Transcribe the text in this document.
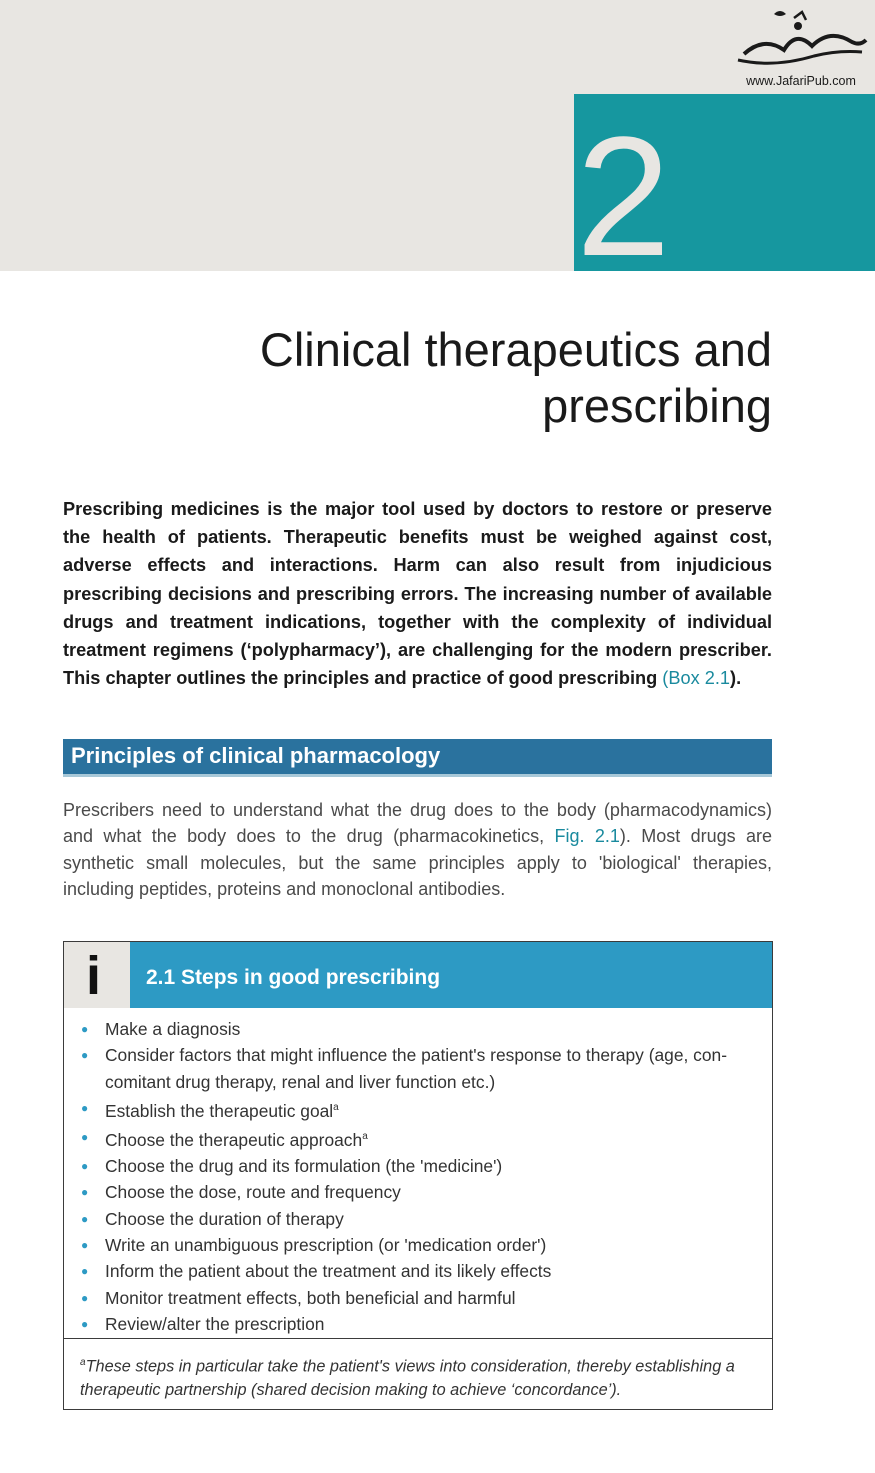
www.JafariPub.com
2
Clinical therapeutics and
prescribing
Prescribing medicines is the major tool used by doctors to restore or preserve the health of patients. Therapeutic benefits must be weighed against cost, adverse effects and interactions. Harm can also result from injudicious prescribing decisions and prescribing errors. The increasing number of available drugs and treatment indications, together with the complexity of individual treatment regimens (‘polypharmacy’), are challenging for the modern prescriber. This chapter outlines the principles and practice of good prescribing (Box 2.1).
Principles of clinical pharmacology
Prescribers need to understand what the drug does to the body (pharmacodynamics) and what the body does to the drug (pharmacokinetics, Fig. 2.1). Most drugs are synthetic small molecules, but the same principles apply to 'biological' therapies, including peptides, proteins and monoclonal antibodies.
i 2.1 Steps in good prescribing
● Make a diagnosis
● Consider factors that might influence the patient's response to therapy (age, concomitant drug therapy, renal and liver function etc.)
● Establish the therapeutic goal$^a$
● Choose the therapeutic approach$^a$
● Choose the drug and its formulation (the 'medicine')
● Choose the dose, route and frequency
● Choose the duration of therapy
● Write an unambiguous prescription (or 'medication order')
● Inform the patient about the treatment and its likely effects
● Monitor treatment effects, both beneficial and harmful
● Review/alter the prescription
$^a$These steps in particular take the patient's views into consideration, thereby establishing a therapeutic partnership (shared decision making to achieve ‘concordance’).
